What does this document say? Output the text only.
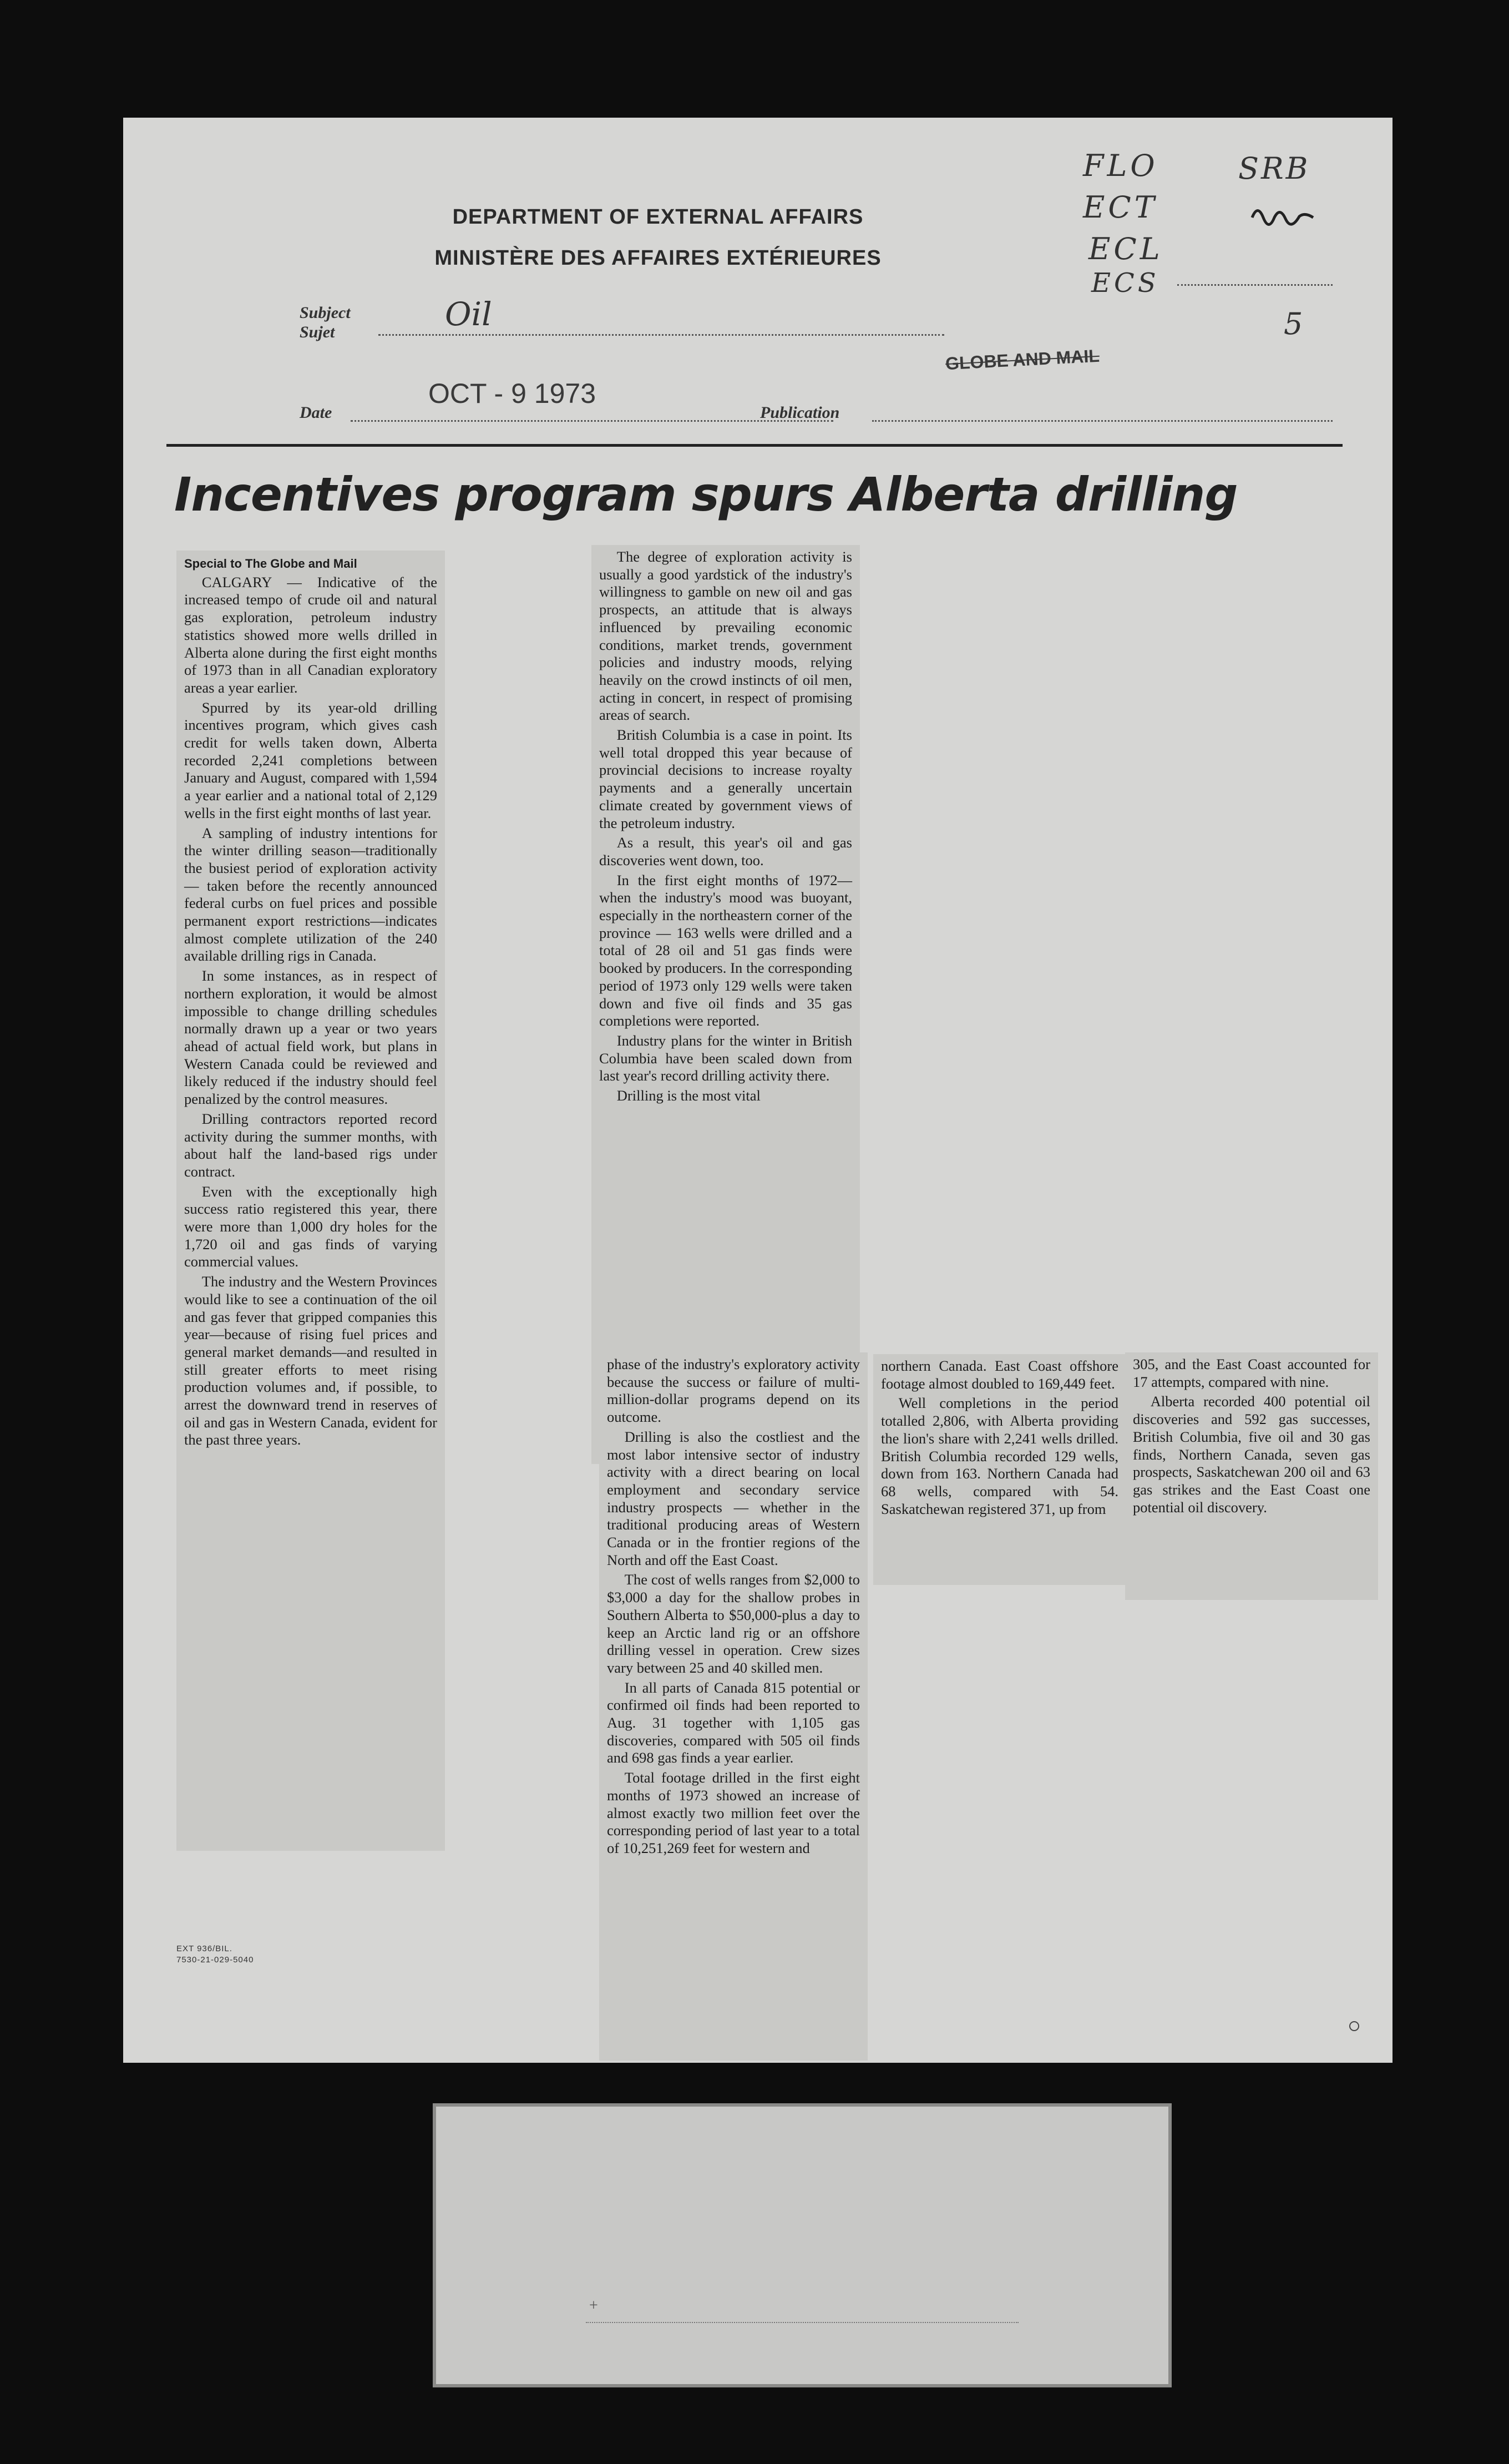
DEPARTMENT OF EXTERNAL AFFAIRS
MINISTÈRE DES AFFAIRES EXTÉRIEURES
Subject
Sujet	Oil
Date
OCT - 9 1973
Publication
GLOBE AND MAIL
FLO
ECT
ECL
ECS
SRB
5
Incentives program spurs Alberta drilling

Special to The Globe and Mail

CALGARY — Indicative of the increased tempo of crude oil and natural gas exploration, petroleum industry statistics showed more wells drilled in Alberta alone during the first eight months of 1973 than in all Canadian exploratory areas a year earlier.

Spurred by its year-old drilling incentives program, which gives cash credit for wells taken down, Alberta recorded 2,241 completions between January and August, compared with 1,594 a year earlier and a national total of 2,129 wells in the first eight months of last year.

A sampling of industry intentions for the winter drilling season—traditionally the busiest period of exploration activity — taken before the recently announced federal curbs on fuel prices and possible permanent export restrictions—indicates almost complete utilization of the 240 available drilling rigs in Canada.

In some instances, as in respect of northern exploration, it would be almost impossible to change drilling schedules normally drawn up a year or two years ahead of actual field work, but plans in Western Canada could be reviewed and likely reduced if the industry should feel penalized by the control measures.

Drilling contractors reported record activity during the summer months, with about half the land-based rigs under contract.

Even with the exceptionally high success ratio registered this year, there were more than 1,000 dry holes for the 1,720 oil and gas finds of varying commercial values.

The industry and the Western Provinces would like to see a continuation of the oil and gas fever that gripped companies this year—because of rising fuel prices and general market demands—and resulted in still greater efforts to meet rising production volumes and, if possible, to arrest the downward trend in reserves of oil and gas in Western Canada, evident for the past three years.

The degree of exploration activity is usually a good yardstick of the industry's willingness to gamble on new oil and gas prospects, an attitude that is always influenced by prevailing economic conditions, market trends, government policies and industry moods, relying heavily on the crowd instincts of oil men, acting in concert, in respect of promising areas of search.

British Columbia is a case in point. Its well total dropped this year because of provincial decisions to increase royalty payments and a generally uncertain climate created by government views of the petroleum industry.

As a result, this year's oil and gas discoveries went down, too.

In the first eight months of 1972—when the industry's mood was buoyant, especially in the northeastern corner of the province — 163 wells were drilled and a total of 28 oil and 51 gas finds were booked by producers. In the corresponding period of 1973 only 129 wells were taken down and five oil finds and 35 gas completions were reported.

Industry plans for the winter in British Columbia have been scaled down from last year's record drilling activity there.

Drilling is the most vital

phase of the industry's exploratory activity because the success or failure of multi-million-dollar programs depend on its outcome.

Drilling is also the costliest and the most labor intensive sector of industry activity with a direct bearing on local employment and secondary service industry prospects — whether in the traditional producing areas of Western Canada or in the frontier regions of the North and off the East Coast.

The cost of wells ranges from $2,000 to $3,000 a day for the shallow probes in Southern Alberta to $50,000-plus a day to keep an Arctic land rig or an offshore drilling vessel in operation. Crew sizes vary between 25 and 40 skilled men.

In all parts of Canada 815 potential or confirmed oil finds had been reported to Aug. 31 together with 1,105 gas discoveries, compared with 505 oil finds and 698 gas finds a year earlier.

Total footage drilled in the first eight months of 1973 showed an increase of almost exactly two million feet over the corresponding period of last year to a total of 10,251,269 feet for western and

northern Canada. East Coast offshore footage almost doubled to 169,449 feet.

Well completions in the period totalled 2,806, with Alberta providing the lion's share with 2,241 wells drilled. British Columbia recorded 129 wells, down from 163. Northern Canada had 68 wells, compared with 54. Saskatchewan registered 371, up from

305, and the East Coast accounted for 17 attempts, compared with nine.

Alberta recorded 400 potential oil discoveries and 592 gas successes, British Columbia, five oil and 30 gas finds, Northern Canada, seven gas prospects, Saskatchewan 200 oil and 63 gas strikes and the East Coast one potential oil discovery.

EXT 936/BIL.
7530-21-029-5040
+
